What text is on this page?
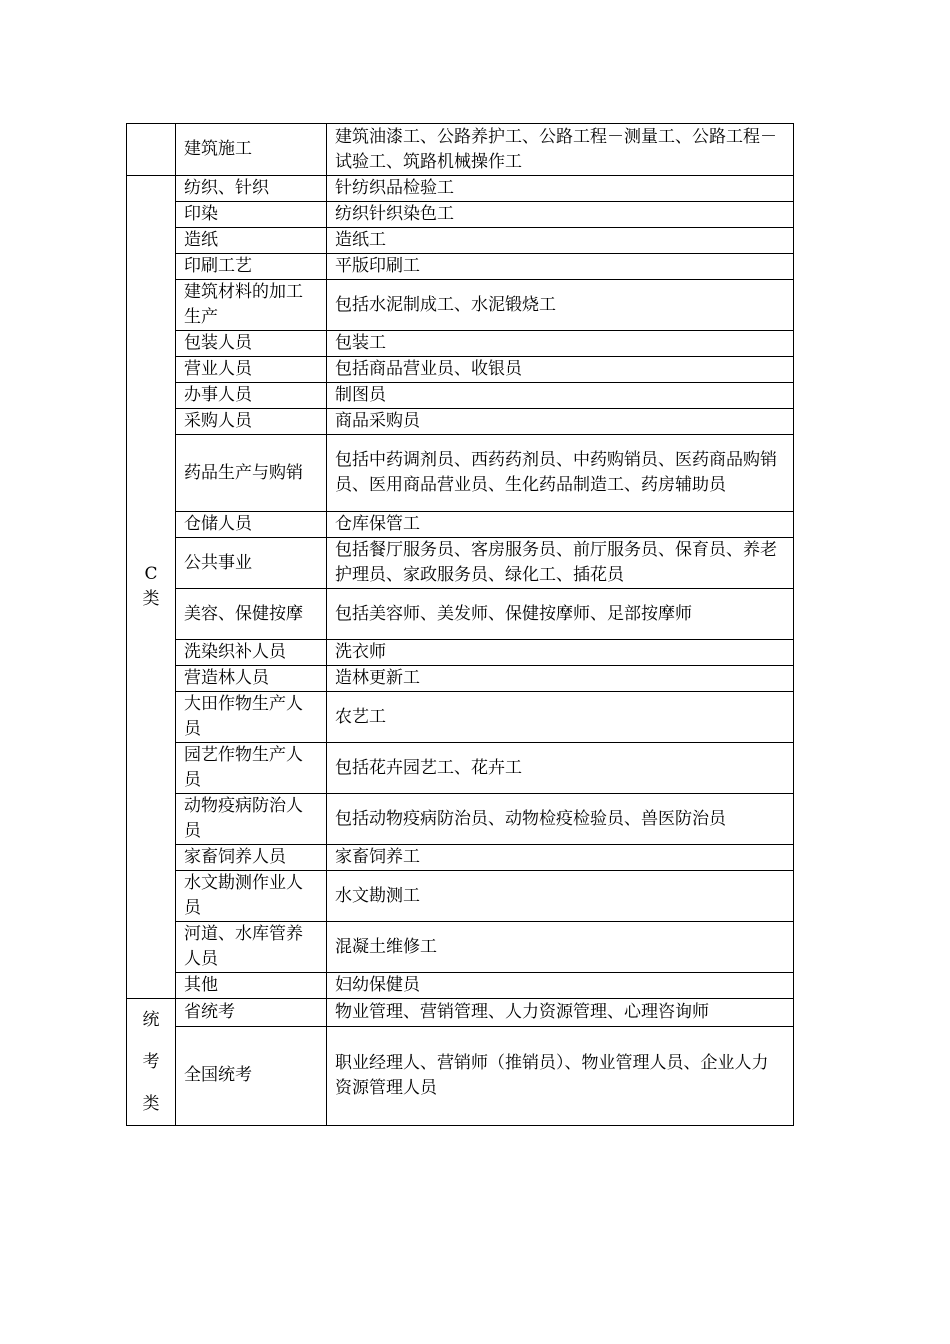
	建筑施工	建筑油漆工、公路养护工、公路工程－测量工、公路工程－试验工、筑路机械操作工
C
类	纺织、针织	针纺织品检验工
	印染	纺织针织染色工
	造纸	造纸工
	印刷工艺	平版印刷工
	建筑材料的加工生产	包括水泥制成工、水泥锻烧工
	包装人员	包装工
	营业人员	包括商品营业员、收银员
	办事人员	制图员
	采购人员	商品采购员
	药品生产与购销	包括中药调剂员、西药药剂员、中药购销员、医药商品购销员、医用商品营业员、生化药品制造工、药房辅助员
	仓储人员	仓库保管工
	公共事业	包括餐厅服务员、客房服务员、前厅服务员、保育员、养老护理员、家政服务员、绿化工、插花员
	美容、保健按摩	包括美容师、美发师、保健按摩师、足部按摩师
	洗染织补人员	洗衣师
	营造林人员	造林更新工
	大田作物生产人员	农艺工
	园艺作物生产人员	包括花卉园艺工、花卉工
	动物疫病防治人员	包括动物疫病防治员、动物检疫检验员、兽医防治员
	家畜饲养人员	家畜饲养工
	水文勘测作业人员	水文勘测工
	河道、水库管养人员	混凝土维修工
	其他	妇幼保健员

统
考
类	省统考	物业管理、营销管理、人力资源管理、心理咨询师
	全国统考	职业经理人、营销师（推销员）、物业管理人员、企业人力资源管理人员
